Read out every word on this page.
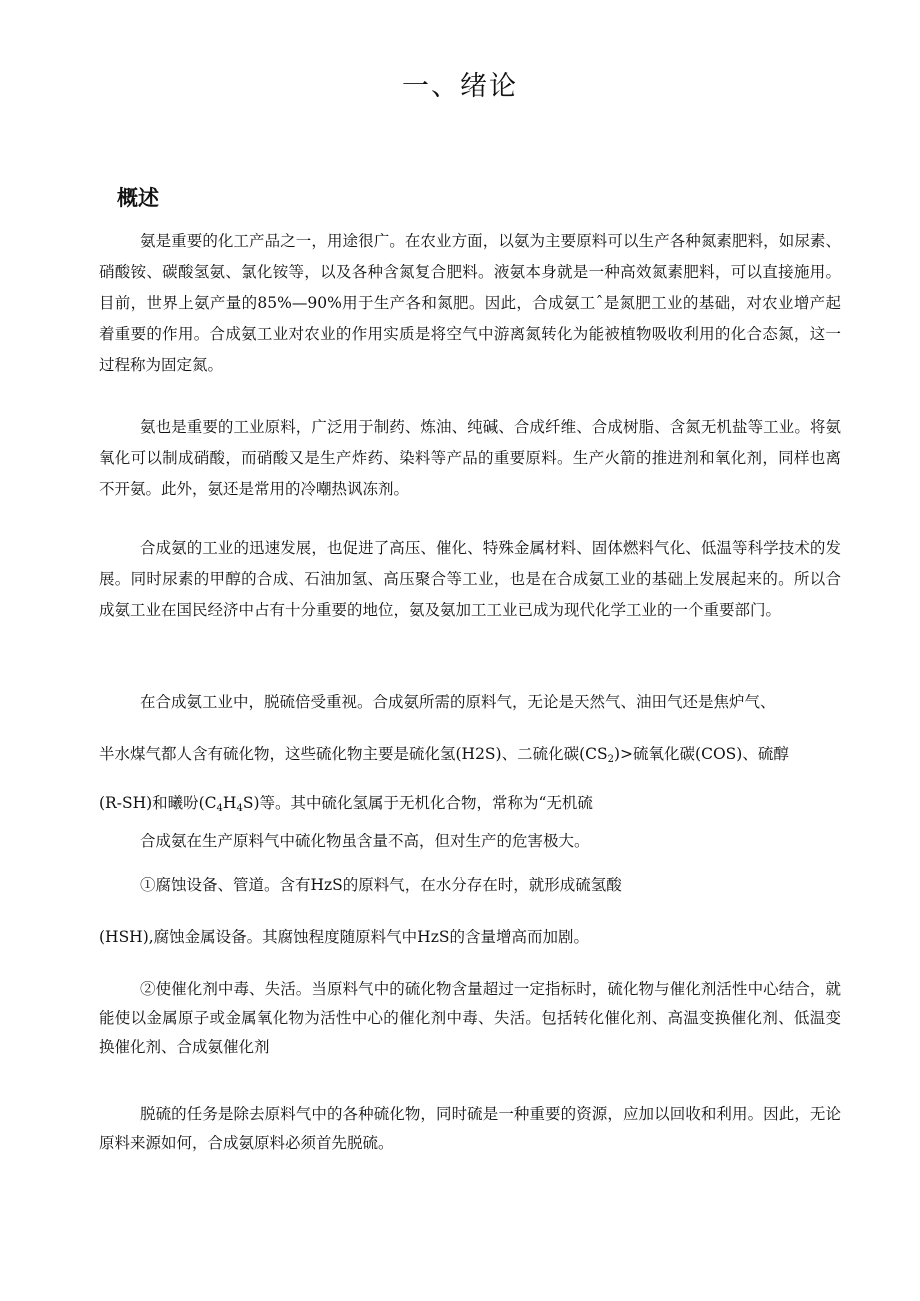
一、绪论
概述

氨是重要的化工产品之一，用途很广。在农业方面，以氨为主要原料可以生产各种氮素肥料，如尿素、硝酸铵、碳酸氢氨、氯化铵等，以及各种含氮复合肥料。液氨本身就是一种高效氮素肥料，可以直接施用。目前，世界上氨产量的85%—90%用于生产各和氮肥。因此，合成氨工ˆ是氮肥工业的基础，对农业增产起着重要的作用。合成氨工业对农业的作用实质是将空气中游离氮转化为能被植物吸收利用的化合态氮，这一过程称为固定氮。

氨也是重要的工业原料，广泛用于制药、炼油、纯碱、合成纤维、合成树脂、含氮无机盐等工业。将氨氧化可以制成硝酸，而硝酸又是生产炸药、染料等产品的重要原料。生产火箭的推进剂和氧化剂，同样也离不开氨。此外，氨还是常用的冷嘲热讽冻剂。

合成氨的工业的迅速发展，也促进了高压、催化、特殊金属材料、固体燃料气化、低温等科学技术的发展。同时尿素的甲醇的合成、石油加氢、高压聚合等工业，也是在合成氨工业的基础上发展起来的。所以合成氨工业在国民经济中占有十分重要的地位，氨及氨加工工业已成为现代化学工业的一个重要部门。

在合成氨工业中，脱硫倍受重视。合成氨所需的原料气，无论是天然气、油田气还是焦炉气、

半水煤气都人含有硫化物，这些硫化物主要是硫化氢(H2S)、二硫化碳$(CS_2)>$硫氧化碳(COS)、硫醇

(R-SH)和曦吩$(C_4H_4S)$等。其中硫化氢属于无机化合物，常称为“无机硫

合成氨在生产原料气中硫化物虽含量不高，但对生产的危害极大。

①腐蚀设备、管道。含有HzS的原料气，在水分存在时，就形成硫氢酸

(HSH),腐蚀金属设备。其腐蚀程度随原料气中HzS的含量增高而加剧。

②使催化剂中毒、失活。当原料气中的硫化物含量超过一定指标时，硫化物与催化剂活性中心结合，就能使以金属原子或金属氧化物为活性中心的催化剂中毒、失活。包括转化催化剂、高温变换催化剂、低温变换催化剂、合成氨催化剂

脱硫的任务是除去原料气中的各种硫化物，同时硫是一种重要的资源，应加以回收和利用。因此，无论原料来源如何，合成氨原料必须首先脱硫。
